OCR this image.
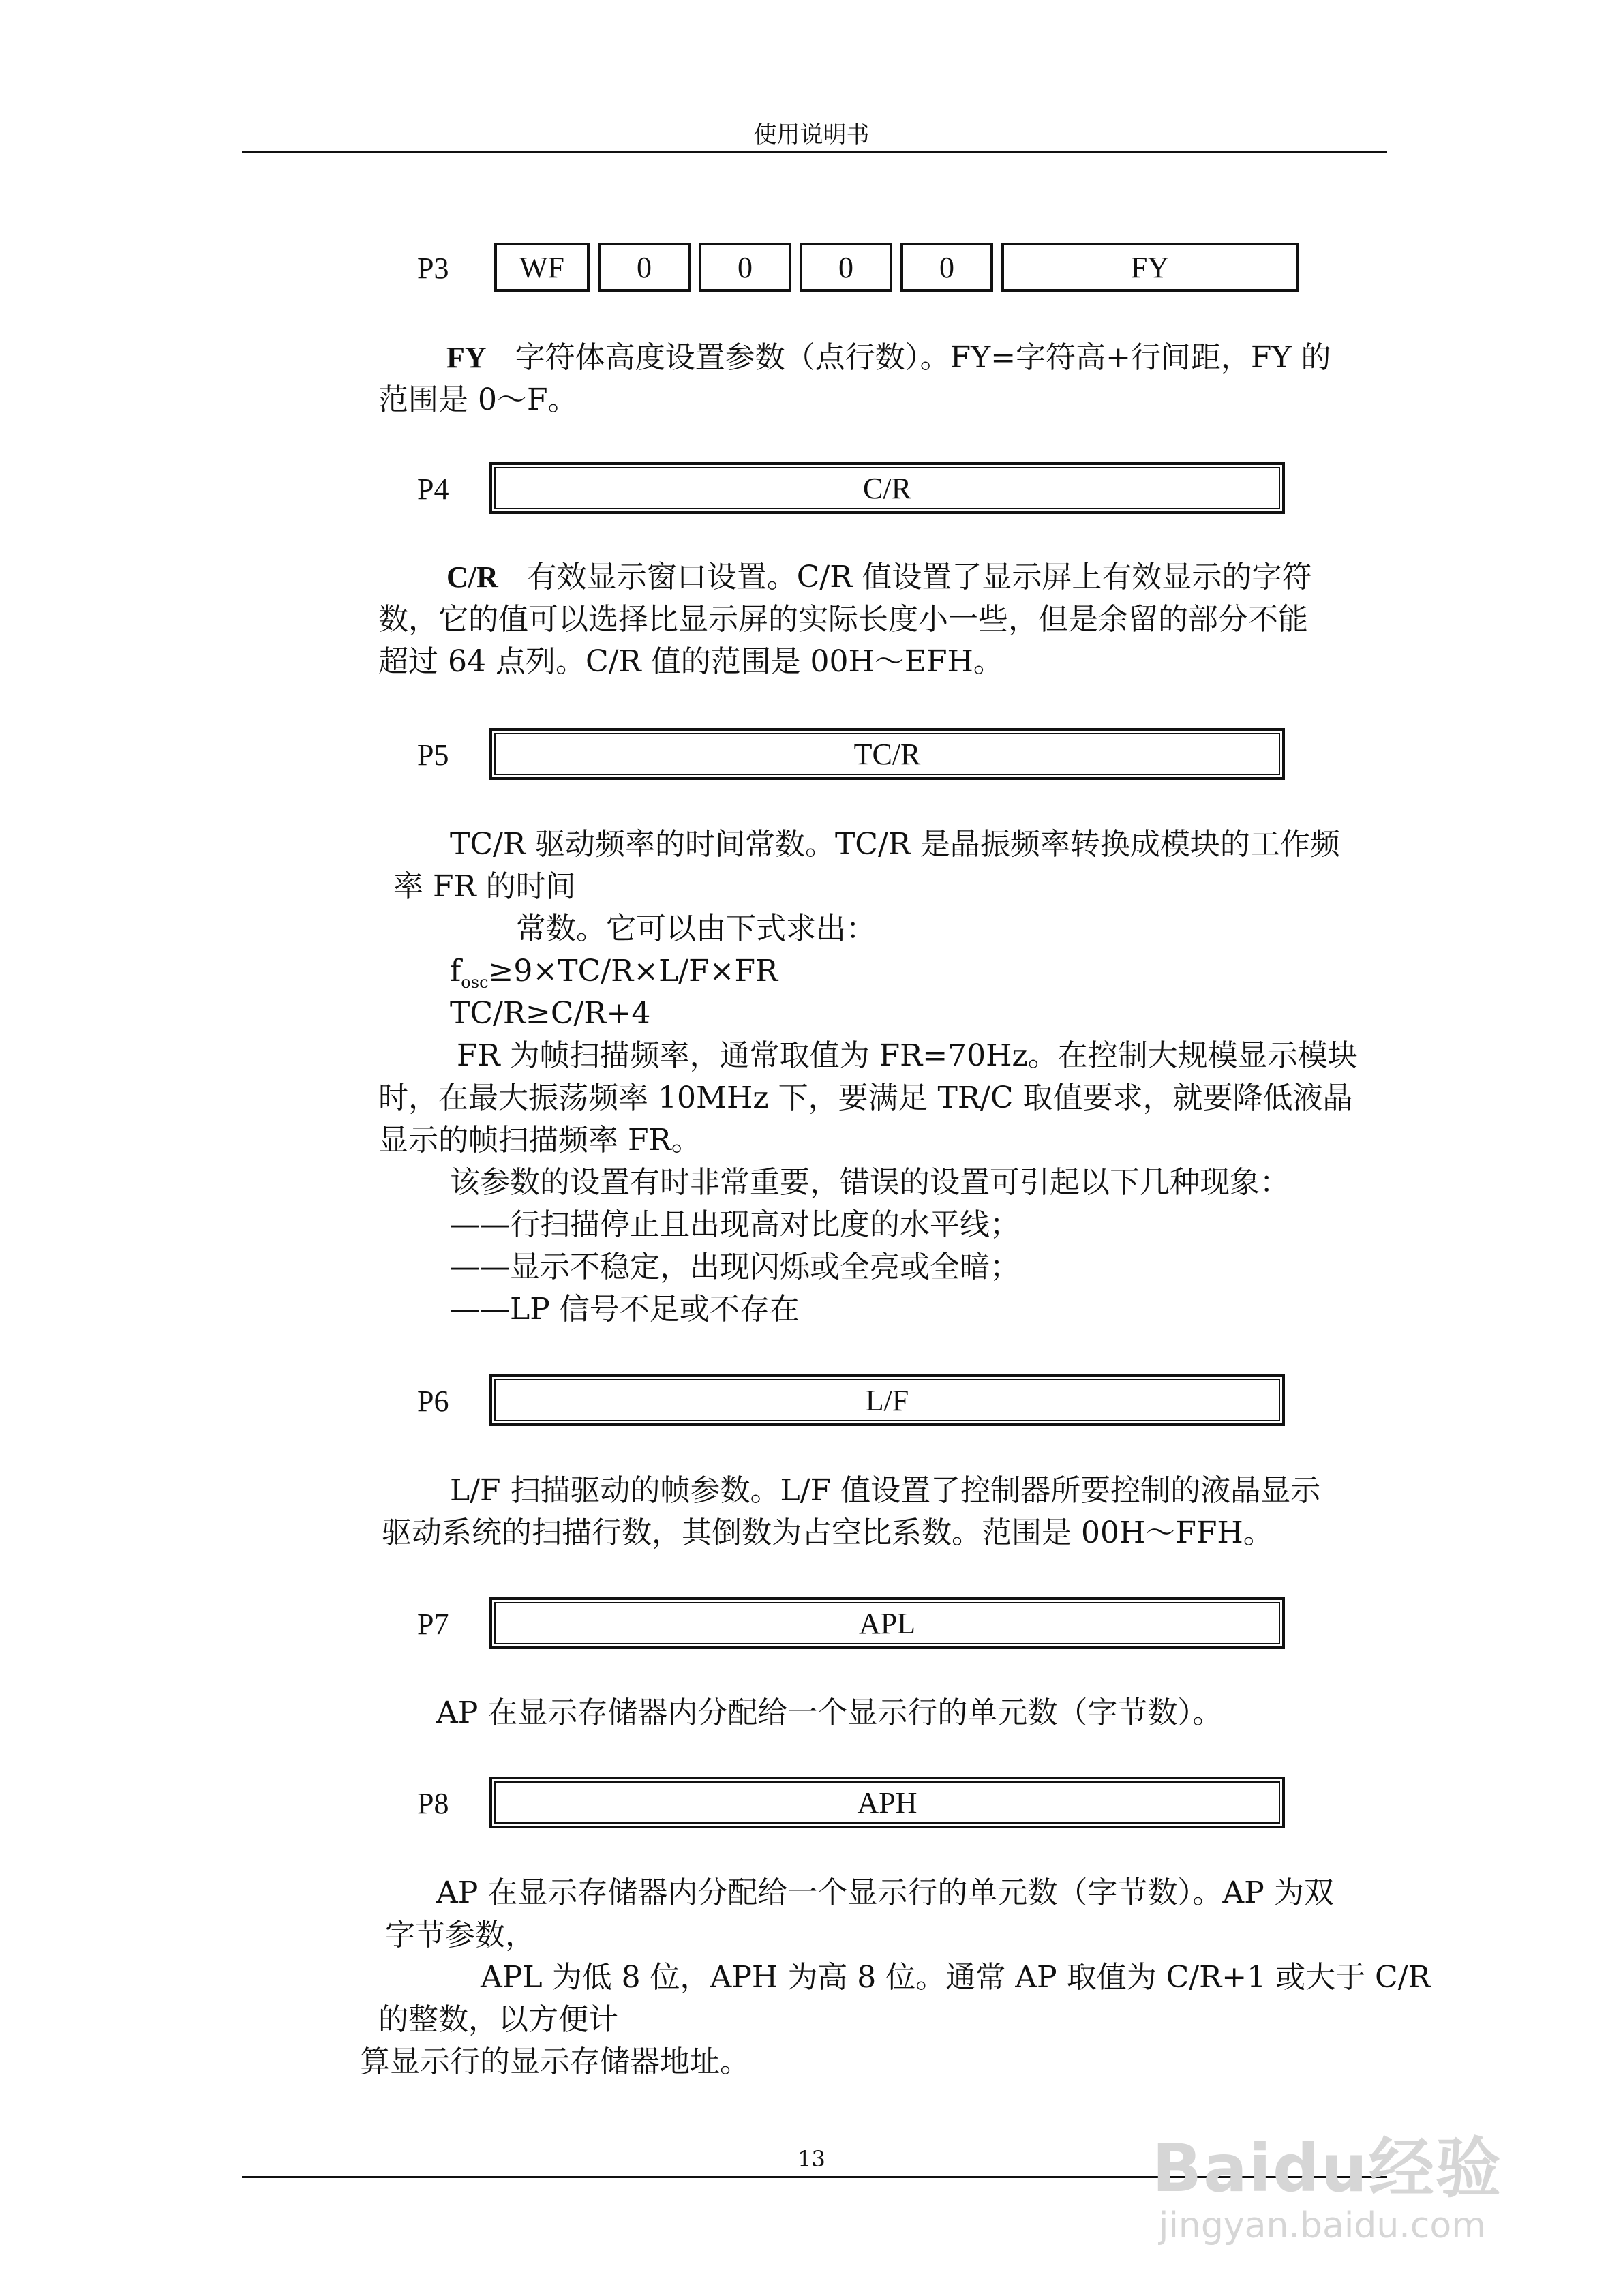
使用说明书
P3	WF	0	0	0	0	FY
FY 字符体高度设置参数（点行数）。FY=字符高+行间距，FY 的
范围是 0～F。
P4	C/R
C/R 有效显示窗口设置。C/R 值设置了显示屏上有效显示的字符
数，它的值可以选择比显示屏的实际长度小一些，但是余留的部分不能
超过 64 点列。C/R 值的范围是 00H～EFH。
P5	TC/R
TC/R 驱动频率的时间常数。TC/R 是晶振频率转换成模块的工作频
率 FR 的时间
常数。它可以由下式求出：
$f_{osc}\ge 9\times TC/R\times L/F\times FR$
TC/R≥C/R+4
FR 为帧扫描频率，通常取值为 FR=70Hz。在控制大规模显示模块
时，在最大振荡频率 10MHz 下，要满足 TR/C 取值要求，就要降低液晶
显示的帧扫描频率 FR。
该参数的设置有时非常重要，错误的设置可引起以下几种现象：
——行扫描停止且出现高对比度的水平线；
——显示不稳定，出现闪烁或全亮或全暗；
——LP 信号不足或不存在
P6	L/F
L/F 扫描驱动的帧参数。L/F 值设置了控制器所要控制的液晶显示
驱动系统的扫描行数，其倒数为占空比系数。范围是 00H～FFH。
P7	APL
AP 在显示存储器内分配给一个显示行的单元数（字节数）。
P8	APH
AP 在显示存储器内分配给一个显示行的单元数（字节数）。AP 为双
字节参数，
APL 为低 8 位，APH 为高 8 位。通常 AP 取值为 C/R+1 或大于 C/R
的整数，以方便计
算显示行的显示存储器地址。
13	Baidu经验
jingyan.baidu.com
